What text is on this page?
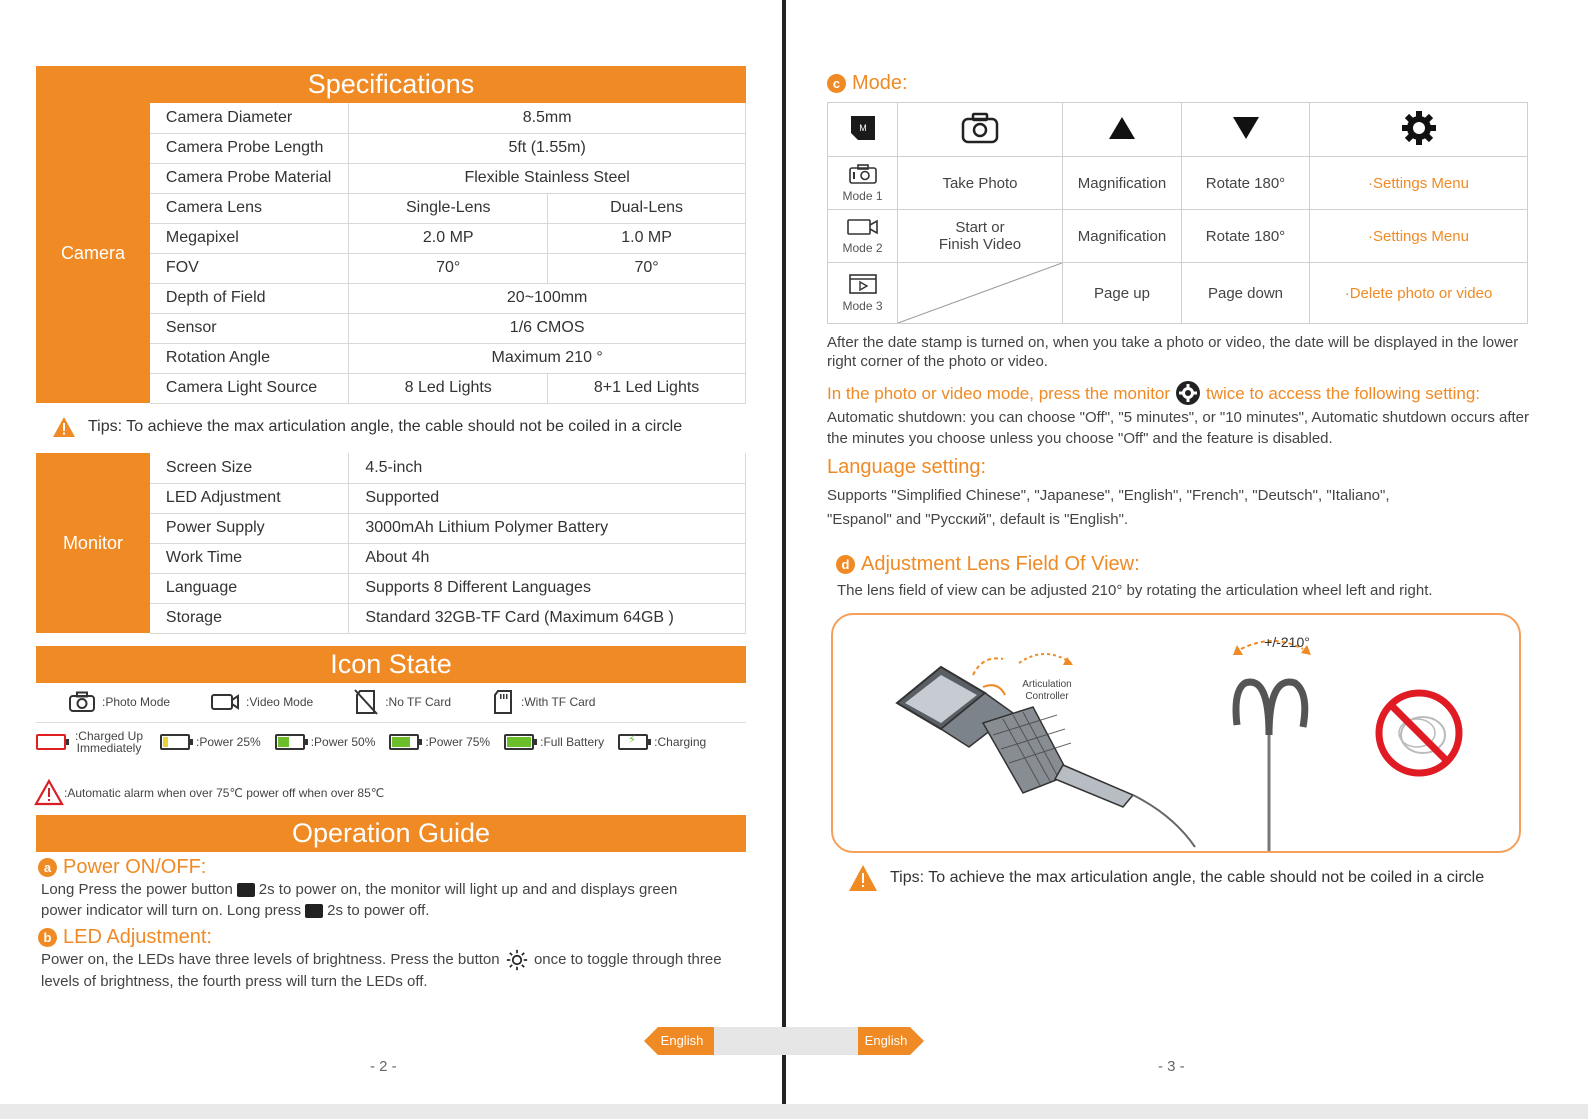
Specifications
Camera	Camera Diameter	8.5mm	
	Camera Probe Length	5ft (1.55m)	
	Camera Probe Material	Flexible Stainless Steel	
	Camera Lens	Single-Lens	Dual-Lens
	Megapixel	2.0 MP	1.0 MP
	FOV	70°	70°
	Depth of Field	20~100mm	
	Sensor	1/6 CMOS	
	Rotation Angle	Maximum 210 °	
	Camera Light Source	8 Led Lights	8+1 Led Lights
Tips: To achieve the max articulation angle, the cable should not be coiled in a circle
Monitor	Screen Size	4.5-inch
	LED Adjustment	Supported
	Power Supply	3000mAh Lithium Polymer Battery
	Work Time	About 4h
	Language	Supports 8 Different Languages
	Storage	Standard 32GB-TF Card (Maximum 64GB )
Icon State
:Photo Mode	:Video Mode	:No TF Card	:With TF Card
:Charged Up Immediately	:Power 25%	:Power 50%	:Power 75%	:Full Battery ⚡ :Charging
:Automatic alarm when over 75℃ power off when over 85℃
Operation Guide
a Power ON/OFF:
Long Press the power button 2s to power on, the monitor will light up and and displays green
power indicator will turn on. Long press 2s to power off.
b LED Adjustment:
Power on, the LEDs have three levels of brightness. Press the button once to toggle through three
levels of brightness, the fourth press will turn the LEDs off.
English	English
- 2 -
c Mode:
M

Mode 1	Take Photo	Magnification	Rotate 180°	·Settings Menu

Mode 2	Start or
Finish Video	Magnification	Rotate 180°	·Settings Menu

Mode 3		Page up	Page down	·Delete photo or video
After the date stamp is turned on, when you take a photo or video, the date will be displayed in the lower right corner of the photo or video.
In the photo or video mode, press the monitor twice to access the following setting:
Automatic shutdown: you can choose "Off", "5 minutes", or "10 minutes", Automatic shutdown occurs after the minutes you choose unless you choose "Off" and the feature is disabled.
Language setting:
Supports "Simplified Chinese", "Japanese", "English", "French", "Deutsch", "Italiano",
"Espanol" and "Русский", default is "English".
d Adjustment Lens Field Of View:
The lens field of view can be adjusted 210° by rotating the articulation wheel left and right.
Articulation
Controller
+/-210°
Tips: To achieve the max articulation angle, the cable should not be coiled in a circle
- 3 -
